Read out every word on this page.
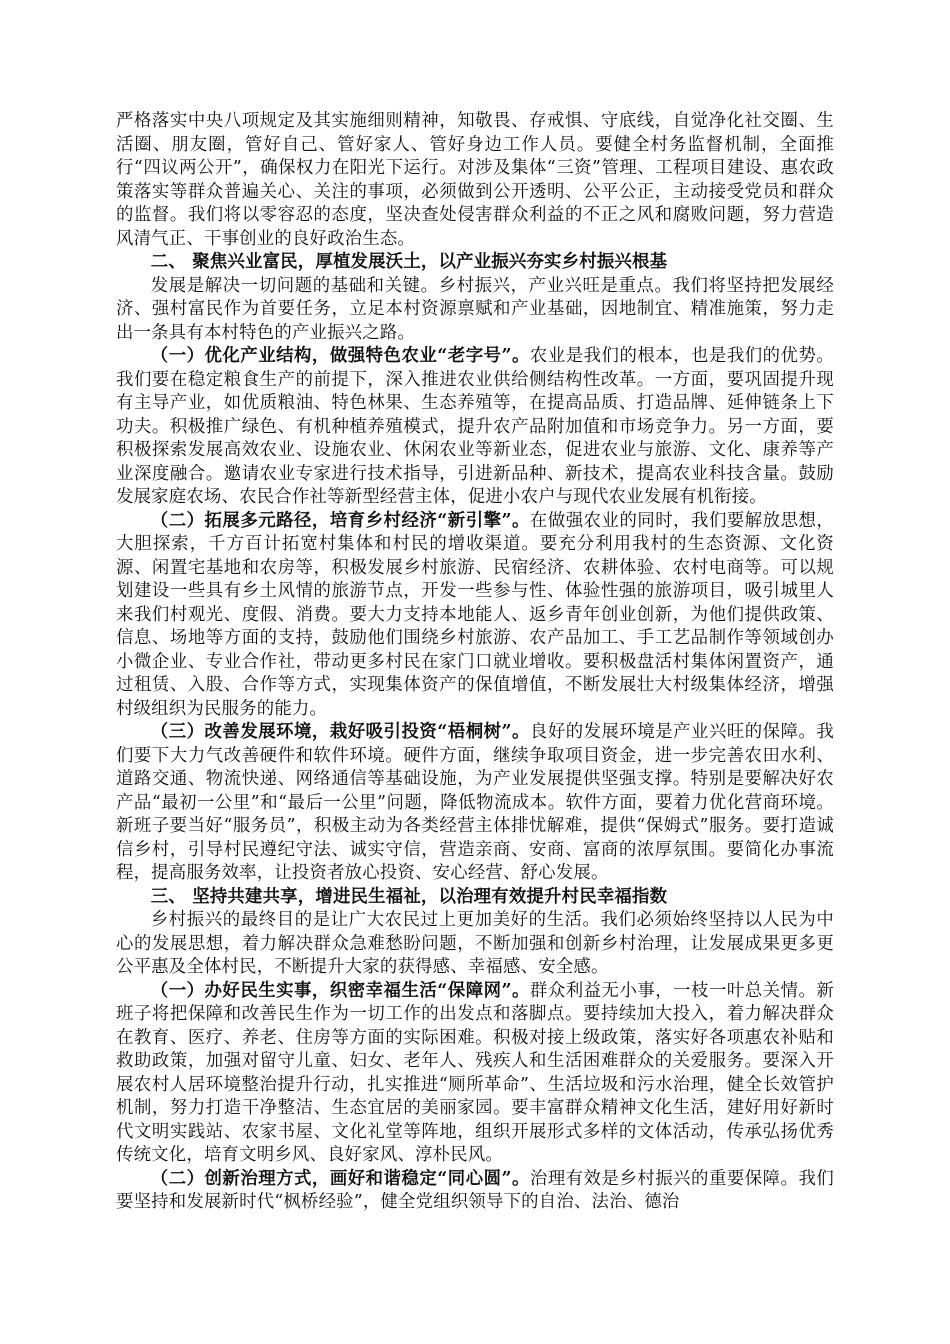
严格落实中央八项规定及其实施细则精神，知敬畏、存戒惧、守底线，自觉净化社交圈、生活圈、朋友圈，管好自己、管好家人、管好身边工作人员。要健全村务监督机制，全面推行“四议两公开”，确保权力在阳光下运行。对涉及集体“三资”管理、工程项目建设、惠农政策落实等群众普遍关心、关注的事项，必须做到公开透明、公平公正，主动接受党员和群众的监督。我们将以零容忍的态度，坚决查处侵害群众利益的不正之风和腐败问题，努力营造风清气正、干事创业的良好政治生态。

二、 聚焦兴业富民，厚植发展沃土，以产业振兴夯实乡村振兴根基

发展是解决一切问题的基础和关键。乡村振兴，产业兴旺是重点。我们将坚持把发展经济、强村富民作为首要任务，立足本村资源禀赋和产业基础，因地制宜、精准施策，努力走出一条具有本村特色的产业振兴之路。

（一）优化产业结构，做强特色农业“老字号”。农业是我们的根本，也是我们的优势。我们要在稳定粮食生产的前提下，深入推进农业供给侧结构性改革。一方面，要巩固提升现有主导产业，如优质粮油、特色林果、生态养殖等，在提高品质、打造品牌、延伸链条上下功夫。积极推广绿色、有机种植养殖模式，提升农产品附加值和市场竞争力。另一方面，要积极探索发展高效农业、设施农业、休闲农业等新业态，促进农业与旅游、文化、康养等产业深度融合。邀请农业专家进行技术指导，引进新品种、新技术，提高农业科技含量。鼓励发展家庭农场、农民合作社等新型经营主体，促进小农户与现代农业发展有机衔接。

（二）拓展多元路径，培育乡村经济“新引擎”。在做强农业的同时，我们要解放思想，大胆探索，千方百计拓宽村集体和村民的增收渠道。要充分利用我村的生态资源、文化资源、闲置宅基地和农房等，积极发展乡村旅游、民宿经济、农耕体验、农村电商等。可以规划建设一些具有乡土风情的旅游节点，开发一些参与性、体验性强的旅游项目，吸引城里人来我们村观光、度假、消费。要大力支持本地能人、返乡青年创业创新，为他们提供政策、信息、场地等方面的支持，鼓励他们围绕乡村旅游、农产品加工、手工艺品制作等领域创办小微企业、专业合作社，带动更多村民在家门口就业增收。要积极盘活村集体闲置资产，通过租赁、入股、合作等方式，实现集体资产的保值增值，不断发展壮大村级集体经济，增强村级组织为民服务的能力。

（三）改善发展环境，栽好吸引投资“梧桐树”。良好的发展环境是产业兴旺的保障。我们要下大力气改善硬件和软件环境。硬件方面，继续争取项目资金，进一步完善农田水利、道路交通、物流快递、网络通信等基础设施，为产业发展提供坚强支撑。特别是要解决好农产品“最初一公里”和“最后一公里”问题，降低物流成本。软件方面，要着力优化营商环境。新班子要当好“服务员”，积极主动为各类经营主体排忧解难，提供“保姆式”服务。要打造诚信乡村，引导村民遵纪守法、诚实守信，营造亲商、安商、富商的浓厚氛围。要简化办事流程，提高服务效率，让投资者放心投资、安心经营、舒心发展。

三、 坚持共建共享，增进民生福祉，以治理有效提升村民幸福指数

乡村振兴的最终目的是让广大农民过上更加美好的生活。我们必须始终坚持以人民为中心的发展思想，着力解决群众急难愁盼问题，不断加强和创新乡村治理，让发展成果更多更公平惠及全体村民，不断提升大家的获得感、幸福感、安全感。

（一）办好民生实事，织密幸福生活“保障网”。群众利益无小事，一枝一叶总关情。新班子将把保障和改善民生作为一切工作的出发点和落脚点。要持续加大投入，着力解决群众在教育、医疗、养老、住房等方面的实际困难。积极对接上级政策，落实好各项惠农补贴和救助政策，加强对留守儿童、妇女、老年人、残疾人和生活困难群众的关爱服务。要深入开展农村人居环境整治提升行动，扎实推进“厕所革命”、生活垃圾和污水治理，健全长效管护机制，努力打造干净整洁、生态宜居的美丽家园。要丰富群众精神文化生活，建好用好新时代文明实践站、农家书屋、文化礼堂等阵地，组织开展形式多样的文体活动，传承弘扬优秀传统文化，培育文明乡风、良好家风、淳朴民风。

（二）创新治理方式，画好和谐稳定“同心圆”。治理有效是乡村振兴的重要保障。我们要坚持和发展新时代“枫桥经验”，健全党组织领导下的自治、法治、德治
